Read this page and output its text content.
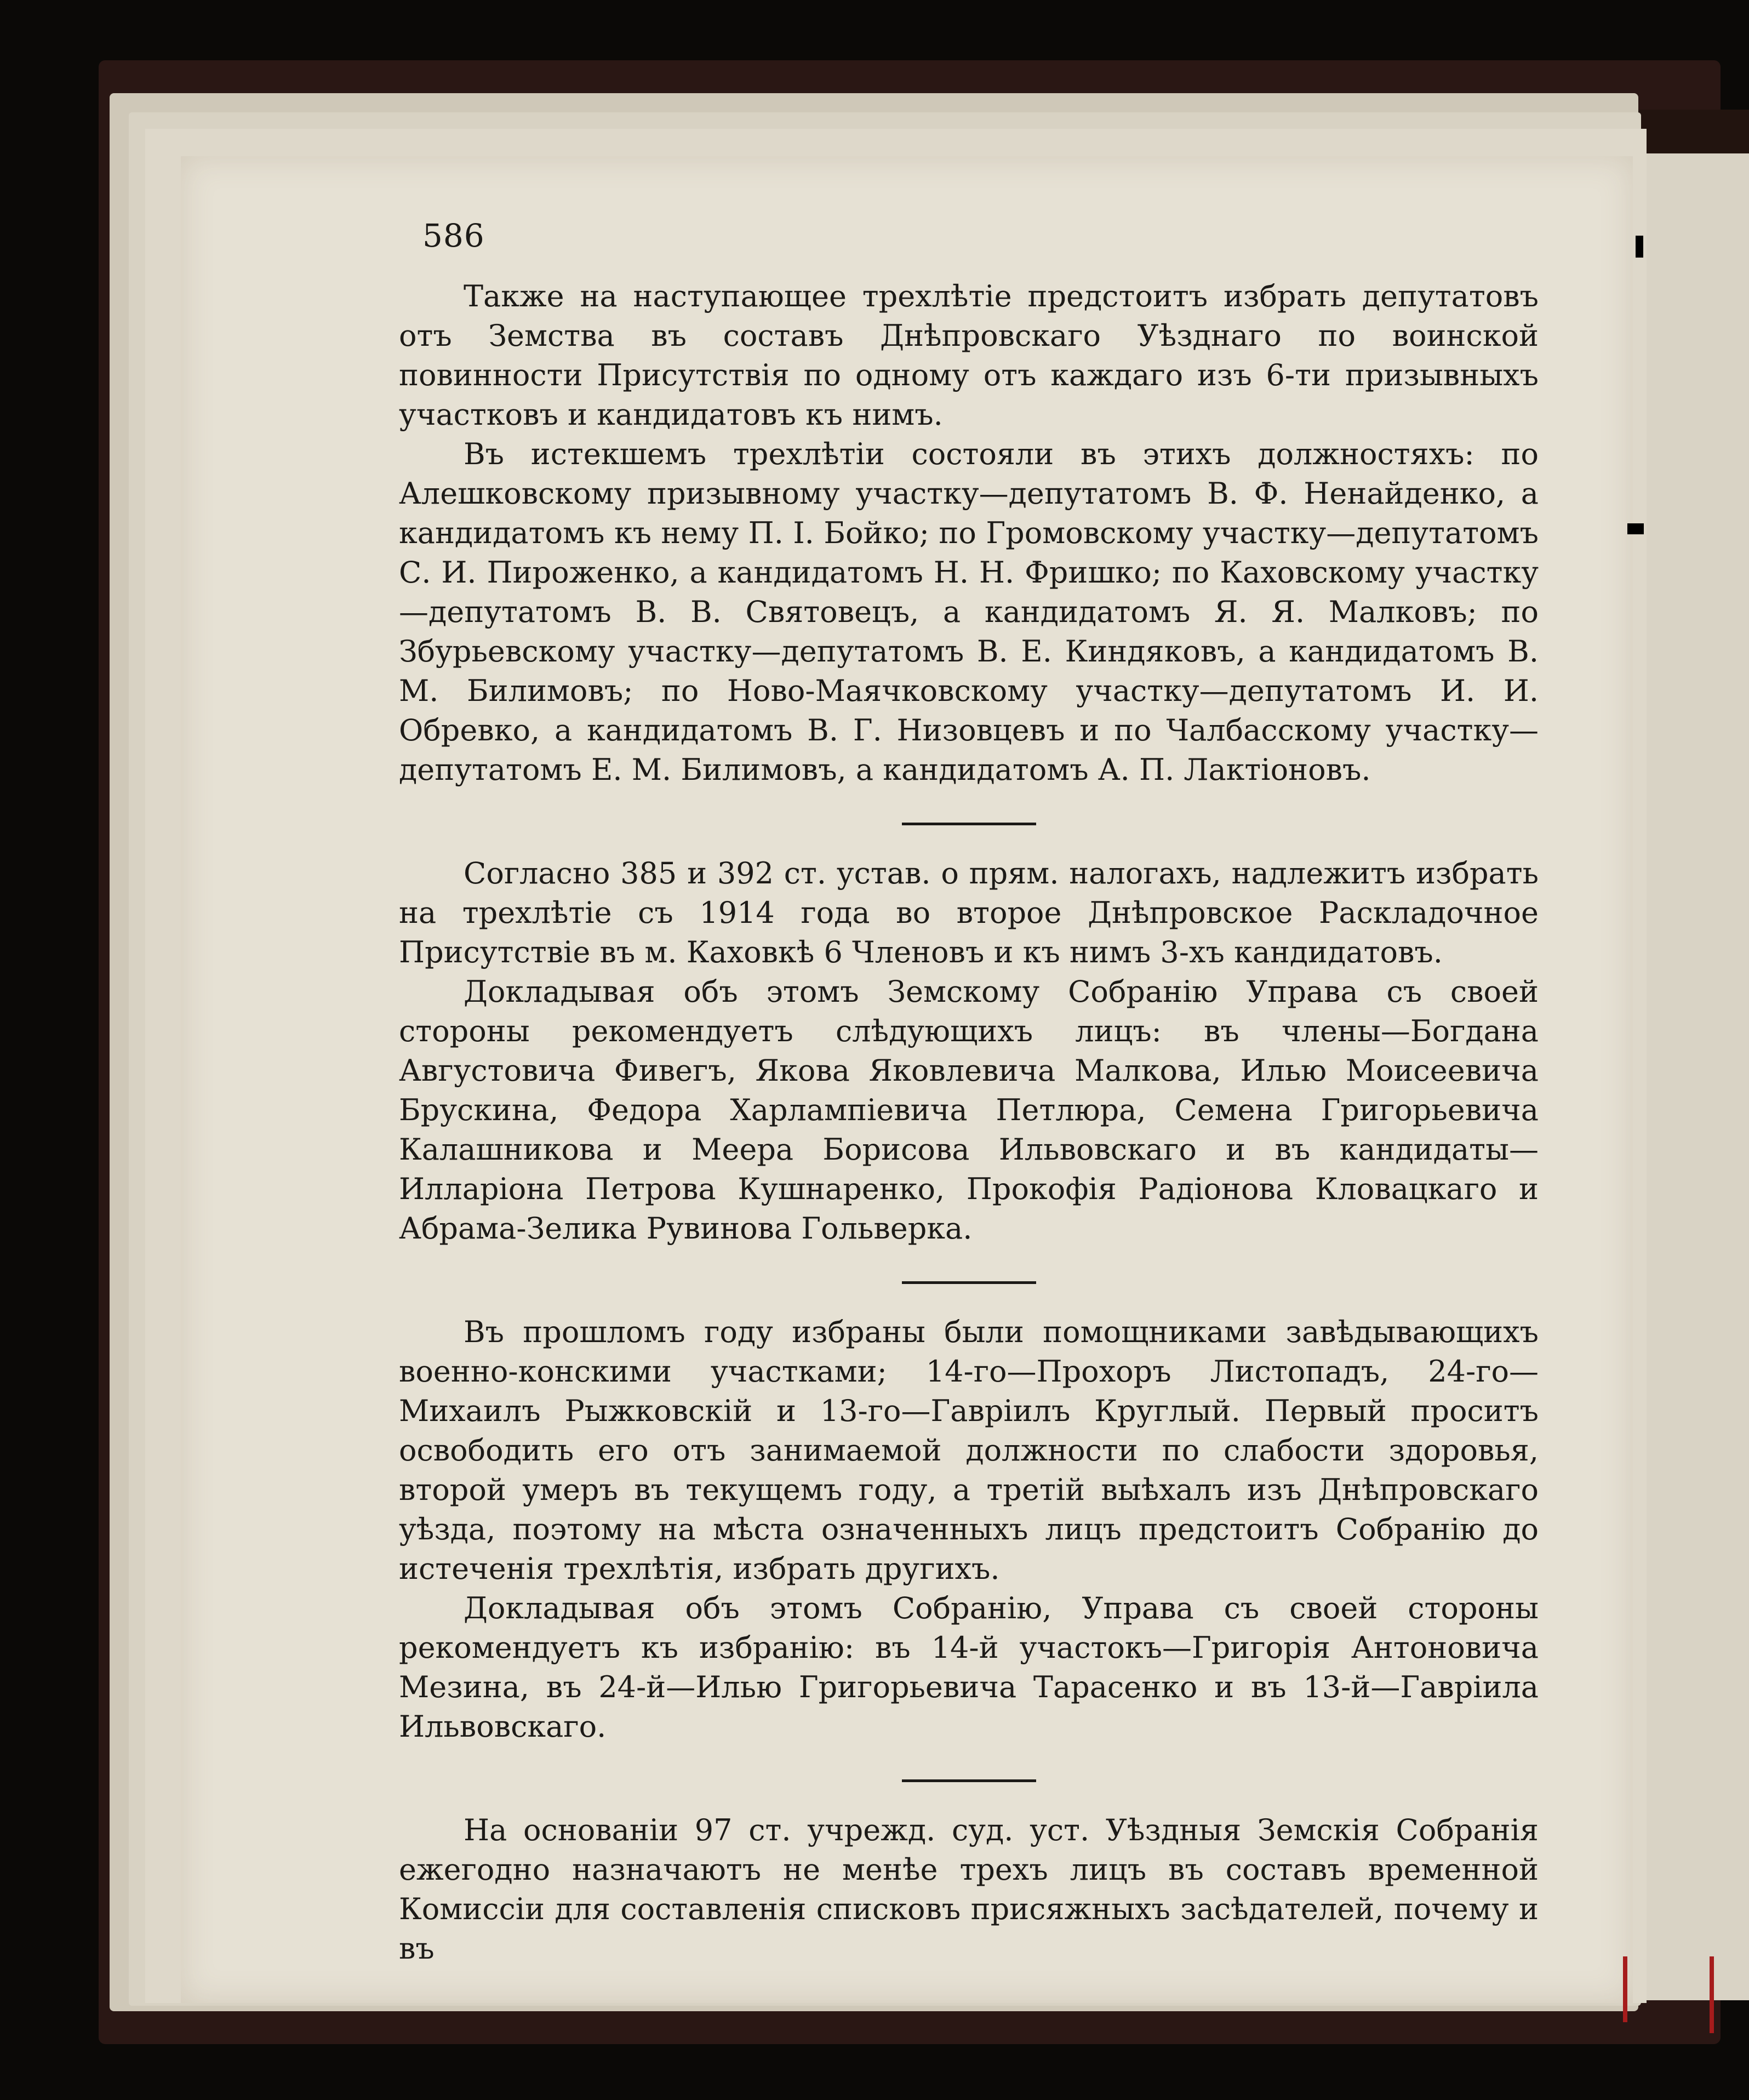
586

Также на наступающее трехлѣтіе предстоитъ избрать депутатовъ отъ Земства въ составъ Днѣпровскаго Уѣзднаго по воинской повинности Присутствія по одному отъ каждаго изъ 6-ти призывныхъ участковъ и кандидатовъ къ нимъ.

Въ истекшемъ трехлѣтіи состояли въ этихъ должностяхъ: по Алешковскому призывному участку—депутатомъ В. Ф. Ненайденко, а кандидатомъ къ нему П. І. Бойко; по Громовскому участку—депутатомъ С. И. Пироженко, а кандидатомъ Н. Н. Фришко; по Каховскому участку—депутатомъ В. В. Святовецъ, а кандидатомъ Я. Я. Малковъ; по Збурьевскому участку—депутатомъ В. Е. Киндяковъ, а кандидатомъ В. М. Билимовъ; по Ново-Маячковскому участку—депутатомъ И. И. Обревко, а кандидатомъ В. Г. Низовцевъ и по Чалбасскому участку—депутатомъ Е. М. Билимовъ, а кандидатомъ А. П. Лактіоновъ.

Согласно 385 и 392 ст. устав. о прям. налогахъ, надлежитъ избрать на трехлѣтіе съ 1914 года во второе Днѣпровское Раскладочное Присутствіе въ м. Каховкѣ 6 Членовъ и къ нимъ 3-хъ кандидатовъ.

Докладывая объ этомъ Земскому Собранію Управа съ своей стороны рекомендуетъ слѣдующихъ лицъ: въ члены—Богдана Августовича Фивегъ, Якова Яковлевича Малкова, Илью Моисеевича Брускина, Федора Харлампіевича Петлюра, Семена Григорьевича Калашникова и Меера Борисова Ильвовскаго и въ кандидаты—Илларіона Петрова Кушнаренко, Прокофія Радіонова Кловацкаго и Абрама-Зелика Рувинова Гольверка.

Въ прошломъ году избраны были помощниками завѣдывающихъ военно-конскими участками; 14-го—Прохоръ Листопадъ, 24-го—Михаилъ Рыжковскій и 13-го—Гавріилъ Круглый. Первый проситъ освободить его отъ занимаемой должности по слабости здоровья, второй умеръ въ текущемъ году, а третій выѣхалъ изъ Днѣпровскаго уѣзда, поэтому на мѣста означенныхъ лицъ предстоитъ Собранію до истеченія трехлѣтія, избрать другихъ.

Докладывая объ этомъ Собранію, Управа съ своей стороны рекомендуетъ къ избранію: въ 14-й участокъ—Григорія Антоновича Мезина, въ 24-й—Илью Григорьевича Тарасенко и въ 13-й—Гавріила Ильвовскаго.

На основаніи 97 ст. учрежд. суд. уст. Уѣздныя Земскія Собранія ежегодно назначаютъ не менѣе трехъ лицъ въ составъ временной Комиссіи для составленія списковъ присяжныхъ засѣдателей, почему и въ
